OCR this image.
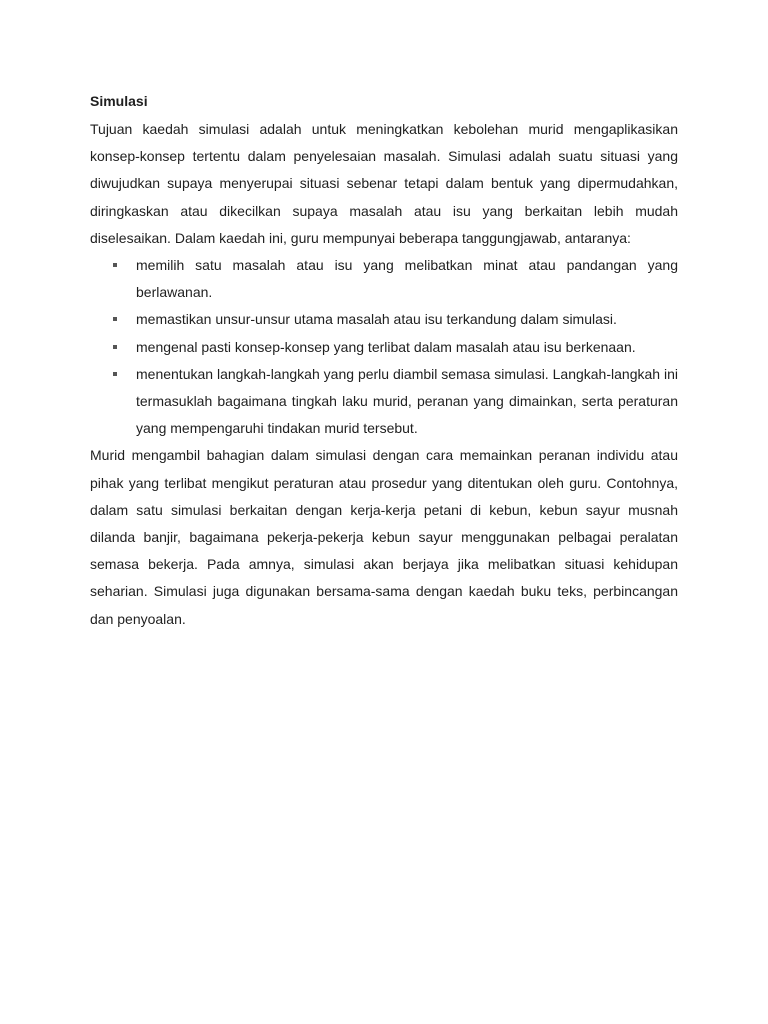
Simulasi

Tujuan kaedah simulasi adalah untuk meningkatkan kebolehan murid mengaplikasikan konsep-konsep tertentu dalam penyelesaian masalah. Simulasi adalah suatu situasi yang diwujudkan supaya menyerupai situasi sebenar tetapi dalam bentuk yang dipermudahkan, diringkaskan atau dikecilkan supaya masalah atau isu yang berkaitan lebih mudah diselesaikan. Dalam kaedah ini, guru mempunyai beberapa tanggungjawab, antaranya:

memilih satu masalah atau isu yang melibatkan minat atau pandangan yang berlawanan.
memastikan unsur-unsur utama masalah atau isu terkandung dalam simulasi.
mengenal pasti konsep-konsep yang terlibat dalam masalah atau isu berkenaan.
menentukan langkah-langkah yang perlu diambil semasa simulasi. Langkah-langkah ini termasuklah bagaimana tingkah laku murid, peranan yang dimainkan, serta peraturan yang mempengaruhi tindakan murid tersebut.

Murid mengambil bahagian dalam simulasi dengan cara memainkan peranan individu atau pihak yang terlibat mengikut peraturan atau prosedur yang ditentukan oleh guru. Contohnya, dalam satu simulasi berkaitan dengan kerja-kerja petani di kebun, kebun sayur musnah dilanda banjir, bagaimana pekerja-pekerja kebun sayur menggunakan pelbagai peralatan semasa bekerja. Pada amnya, simulasi akan berjaya jika melibatkan situasi kehidupan seharian. Simulasi juga digunakan bersama-sama dengan kaedah buku teks, perbincangan dan penyoalan.
